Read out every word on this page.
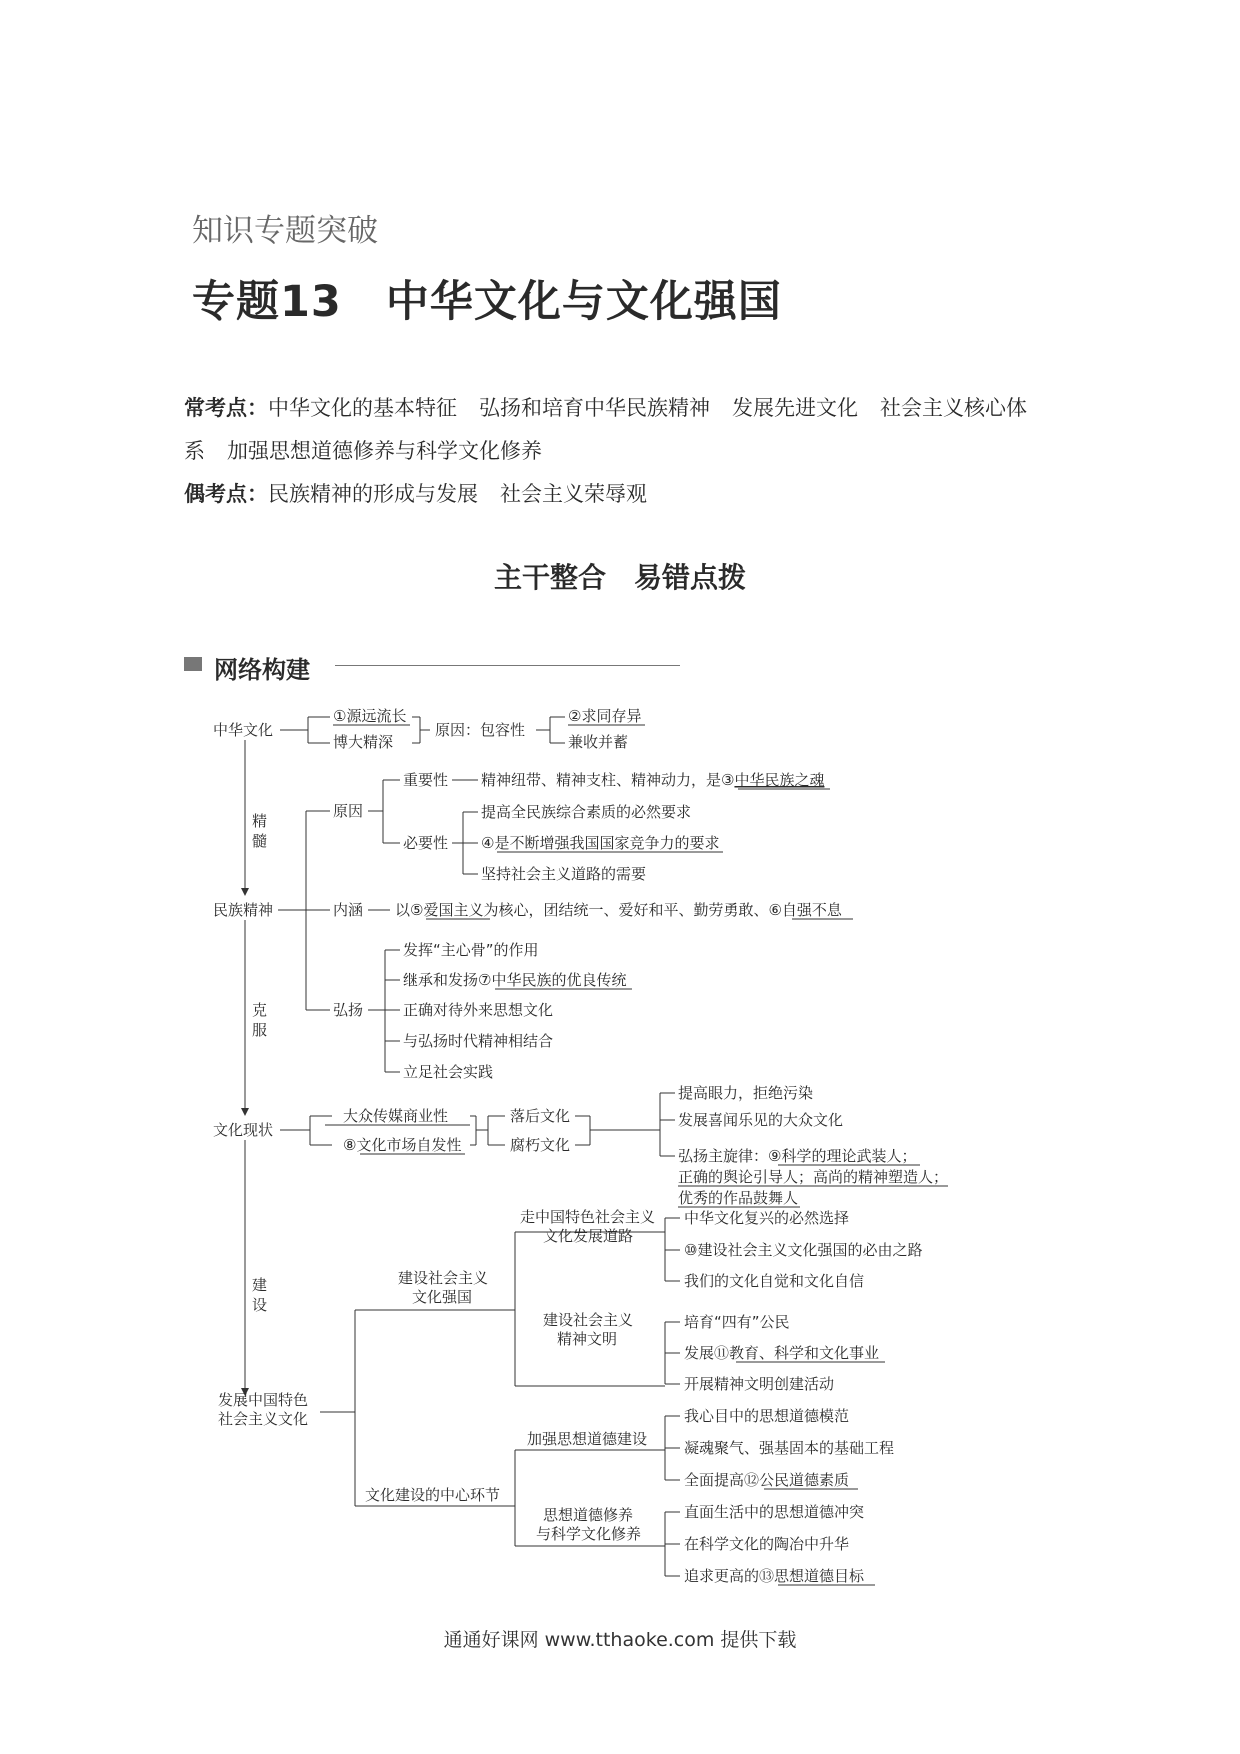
知识专题突破
专题13　中华文化与文化强国
常考点：中华文化的基本特征 弘扬和培育中华民族精神 发展先进文化 社会主义核心体
系 加强思想道德修养与科学文化修养
偶考点：民族精神的形成与发展 社会主义荣辱观
主干整合　易错点拨
网络构建
中华文化
①源远流长
博大精深
原因：包容性
②求同存异
兼收并蓄
精
髓
民族精神
原因
重要性 精神纽带、精神支柱、精神动力，是③中华民族之魂
必要性
提高全民族综合素质的必然要求
④是不断增强我国国家竞争力的要求
坚持社会主义道路的需要
内涵 以⑤爱国主义为核心，团结统一、爱好和平、勤劳勇敢、⑥自强不息
弘扬
发挥“主心骨”的作用
继承和发扬⑦中华民族的优良传统
正确对待外来思想文化
与弘扬时代精神相结合
立足社会实践
克
服
文化现状
大众传媒商业性
⑧文化市场自发性
落后文化
腐朽文化
提高眼力，拒绝污染
发展喜闻乐见的大众文化
弘扬主旋律：⑨科学的理论武装人；
正确的舆论引导人；高尚的精神塑造人；
优秀的作品鼓舞人
建
设
发展中国特色
社会主义文化
建设社会主义
文化强国
文化建设的中心环节
走中国特色社会主义
文化发展道路
建设社会主义
精神文明
中华文化复兴的必然选择
⑩建设社会主义文化强国的必由之路
我们的文化自觉和文化自信
培育“四有”公民
发展⑪教育、科学和文化事业
开展精神文明创建活动
加强思想道德建设
思想道德修养
与科学文化修养
我心目中的思想道德模范
凝魂聚气、强基固本的基础工程
全面提高⑫公民道德素质
直面生活中的思想道德冲突
在科学文化的陶冶中升华
追求更高的⑬思想道德目标
通通好课网 www.tthaoke.com 提供下载
